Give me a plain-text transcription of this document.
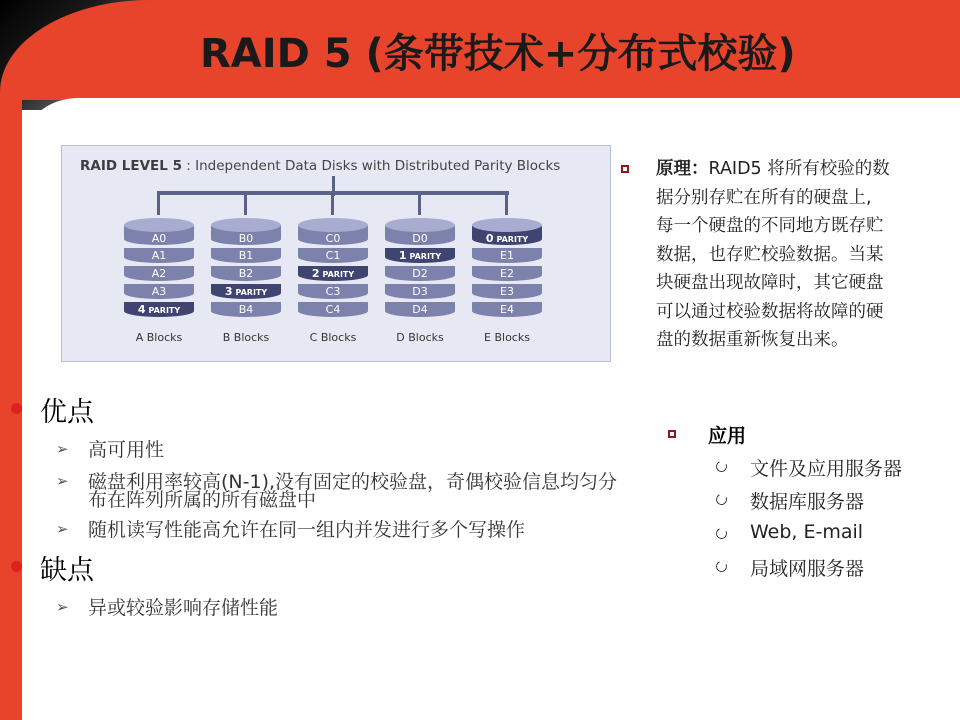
RAID 5 (条带技术+分布式校验)
RAID LEVEL 5 : Independent Data Disks with Distributed Parity Blocks
A0
A1
A2
A3
4 PARITY
A Blocks
B0
B1
B2
3 PARITY
B4
B Blocks
C0
C1
2 PARITY
C3
C4
C Blocks
D0
1 PARITY
D2
D3
D4
D Blocks
0 PARITY
E1
E2
E3
E4
E Blocks
原理：RAID5 将所有校验的数
据分别存贮在所有的硬盘上,
每一个硬盘的不同地方既存贮
数据，也存贮校验数据。当某
块硬盘出现故障时，其它硬盘
可以通过校验数据将故障的硬
盘的数据重新恢复出来。
优点
➢ 高可用性
➢ 磁盘利用率较高(N-1),没有固定的校验盘，奇偶校验信息均匀分
布在阵列所属的所有磁盘中
➢ 随机读写性能高允许在同一组内并发进行多个写操作
缺点
➢ 异或较验影响存储性能
应用
文件及应用服务器
数据库服务器
Web, E-mail
局域网服务器
